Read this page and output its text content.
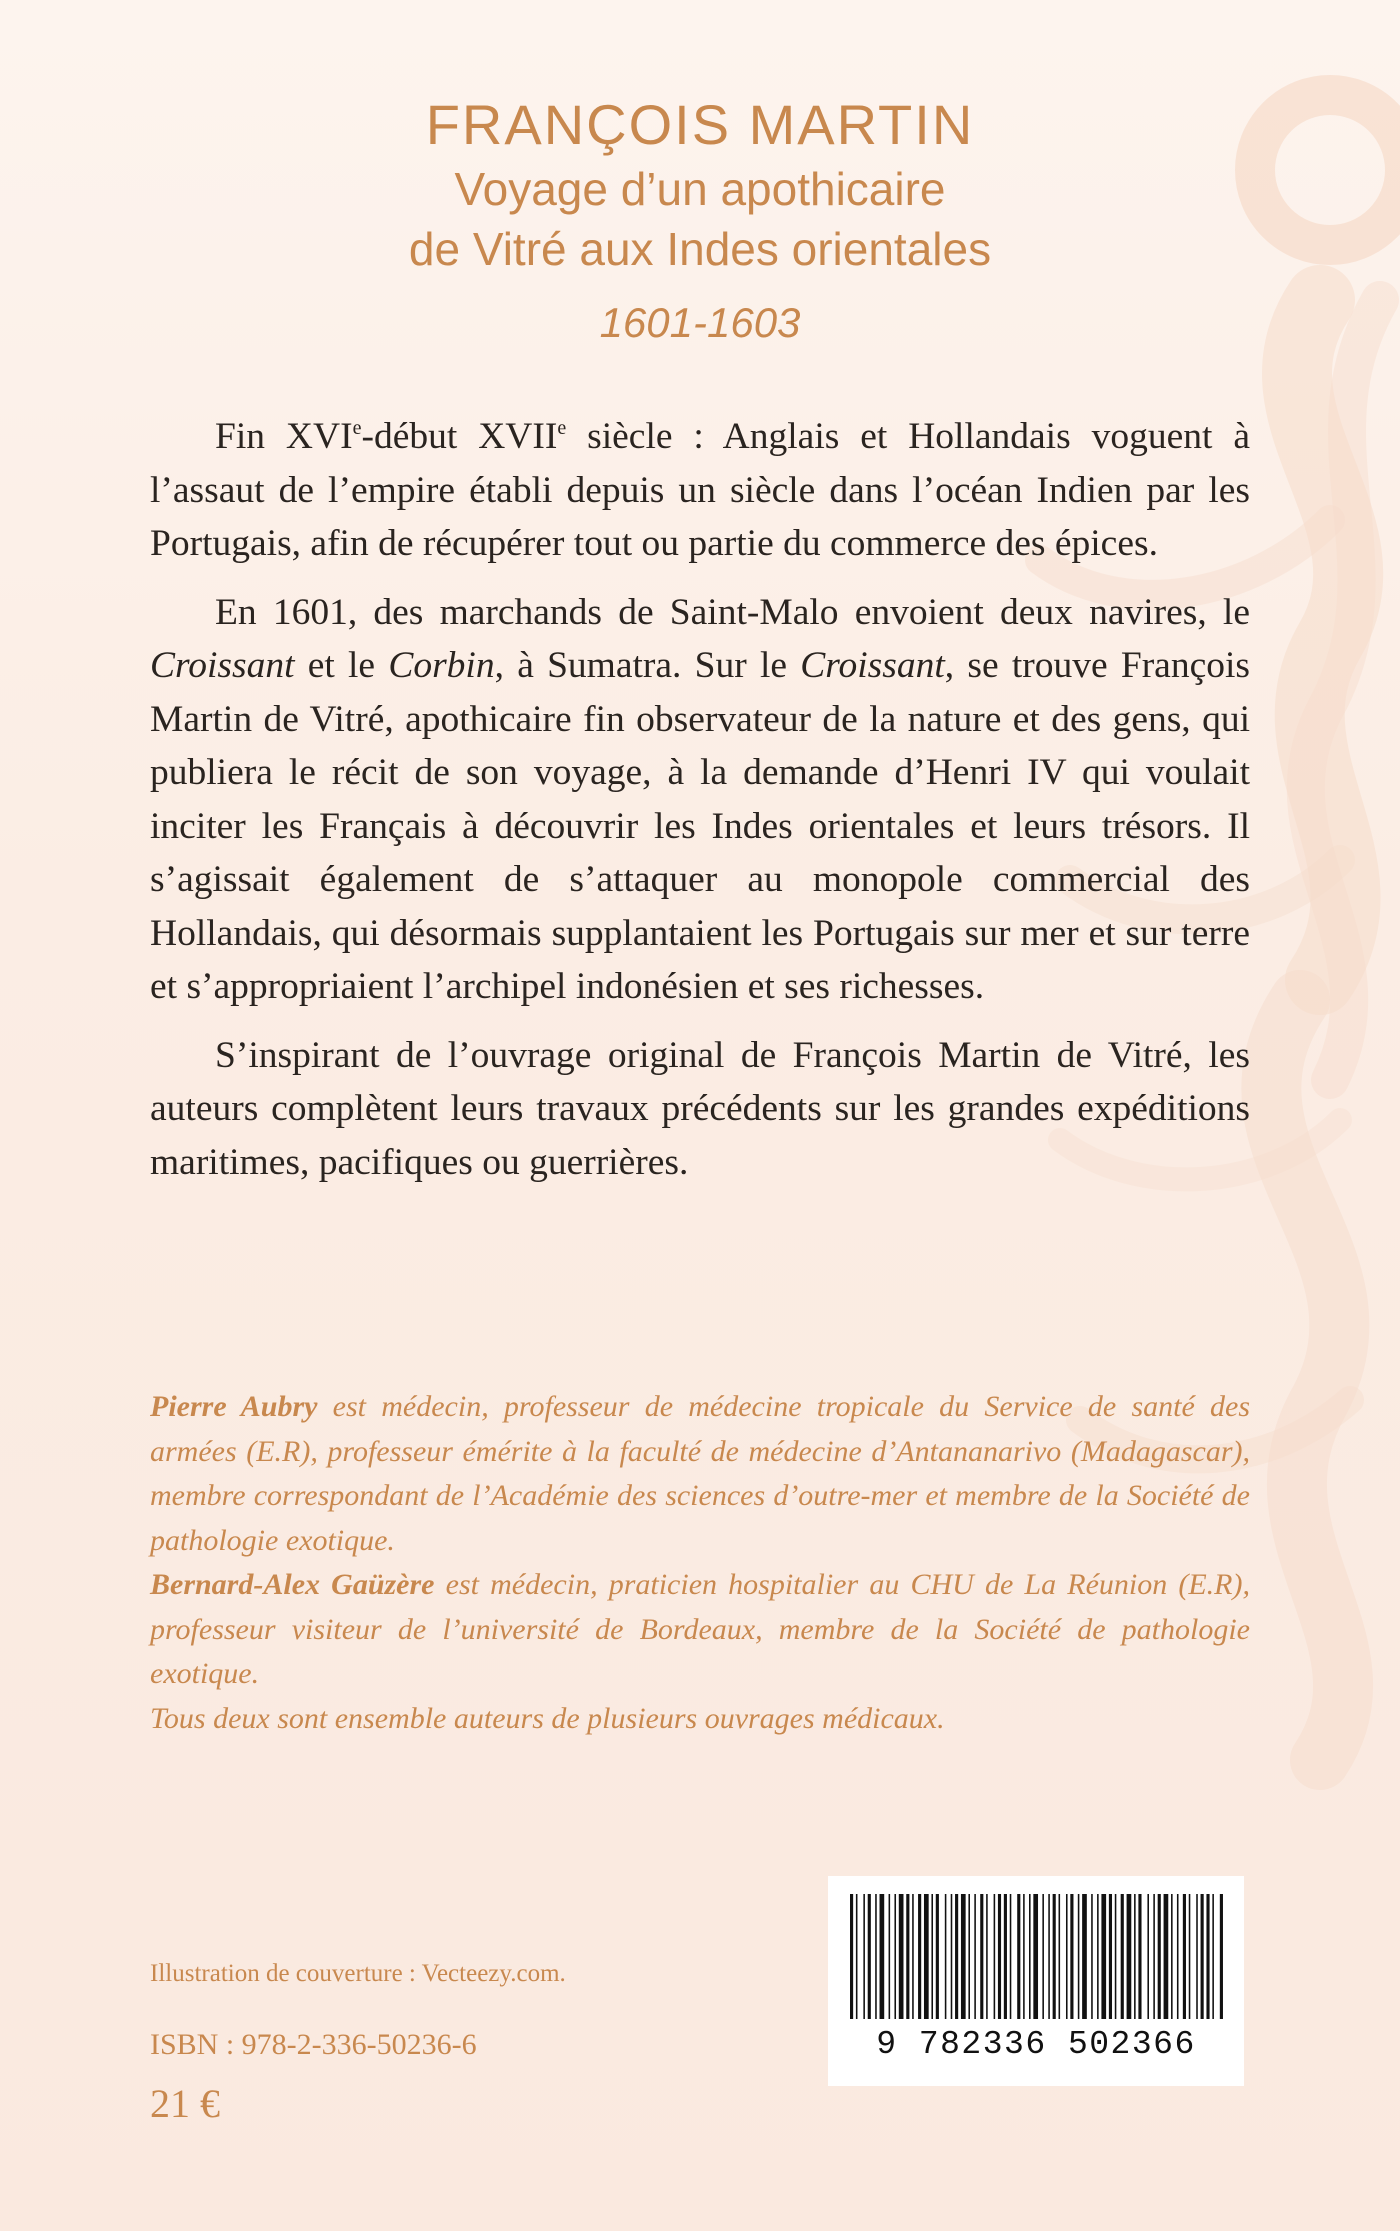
FRANÇOIS MARTIN
Voyage d’un apothicaire
de Vitré aux Indes orientales
1601-1603

Fin XVIe-début XVIIe siècle : Anglais et Hollandais voguent à l’assaut de l’empire établi depuis un siècle dans l’océan Indien par les Portugais, afin de récupérer tout ou partie du commerce des épices.

En 1601, des marchands de Saint-Malo envoient deux navires, le Croissant et le Corbin, à Sumatra. Sur le Croissant, se trouve François Martin de Vitré, apothicaire fin observateur de la nature et des gens, qui publiera le récit de son voyage, à la demande d’Henri IV qui voulait inciter les Français à découvrir les Indes orientales et leurs trésors. Il s’agissait également de s’attaquer au monopole commercial des Hollandais, qui désormais supplantaient les Portugais sur mer et sur terre et s’appropriaient l’archipel indonésien et ses richesses.

S’inspirant de l’ouvrage original de François Martin de Vitré, les auteurs complètent leurs travaux précédents sur les grandes expéditions maritimes, pacifiques ou guerrières.

Pierre Aubry est médecin, professeur de médecine tropicale du Service de santé des armées (E.R), professeur émérite à la faculté de médecine d’Antananarivo (Madagascar), membre correspondant de l’Académie des sciences d’outre-mer et membre de la Société de pathologie exotique.

Bernard-Alex Gaüzère est médecin, praticien hospitalier au CHU de La Réunion (E.R), professeur visiteur de l’université de Bordeaux, membre de la Société de pathologie exotique.

Tous deux sont ensemble auteurs de plusieurs ouvrages médicaux.

Illustration de couverture : Vecteezy.com.
ISBN : 978-2-336-50236-6
21 €
9 782336 502366
